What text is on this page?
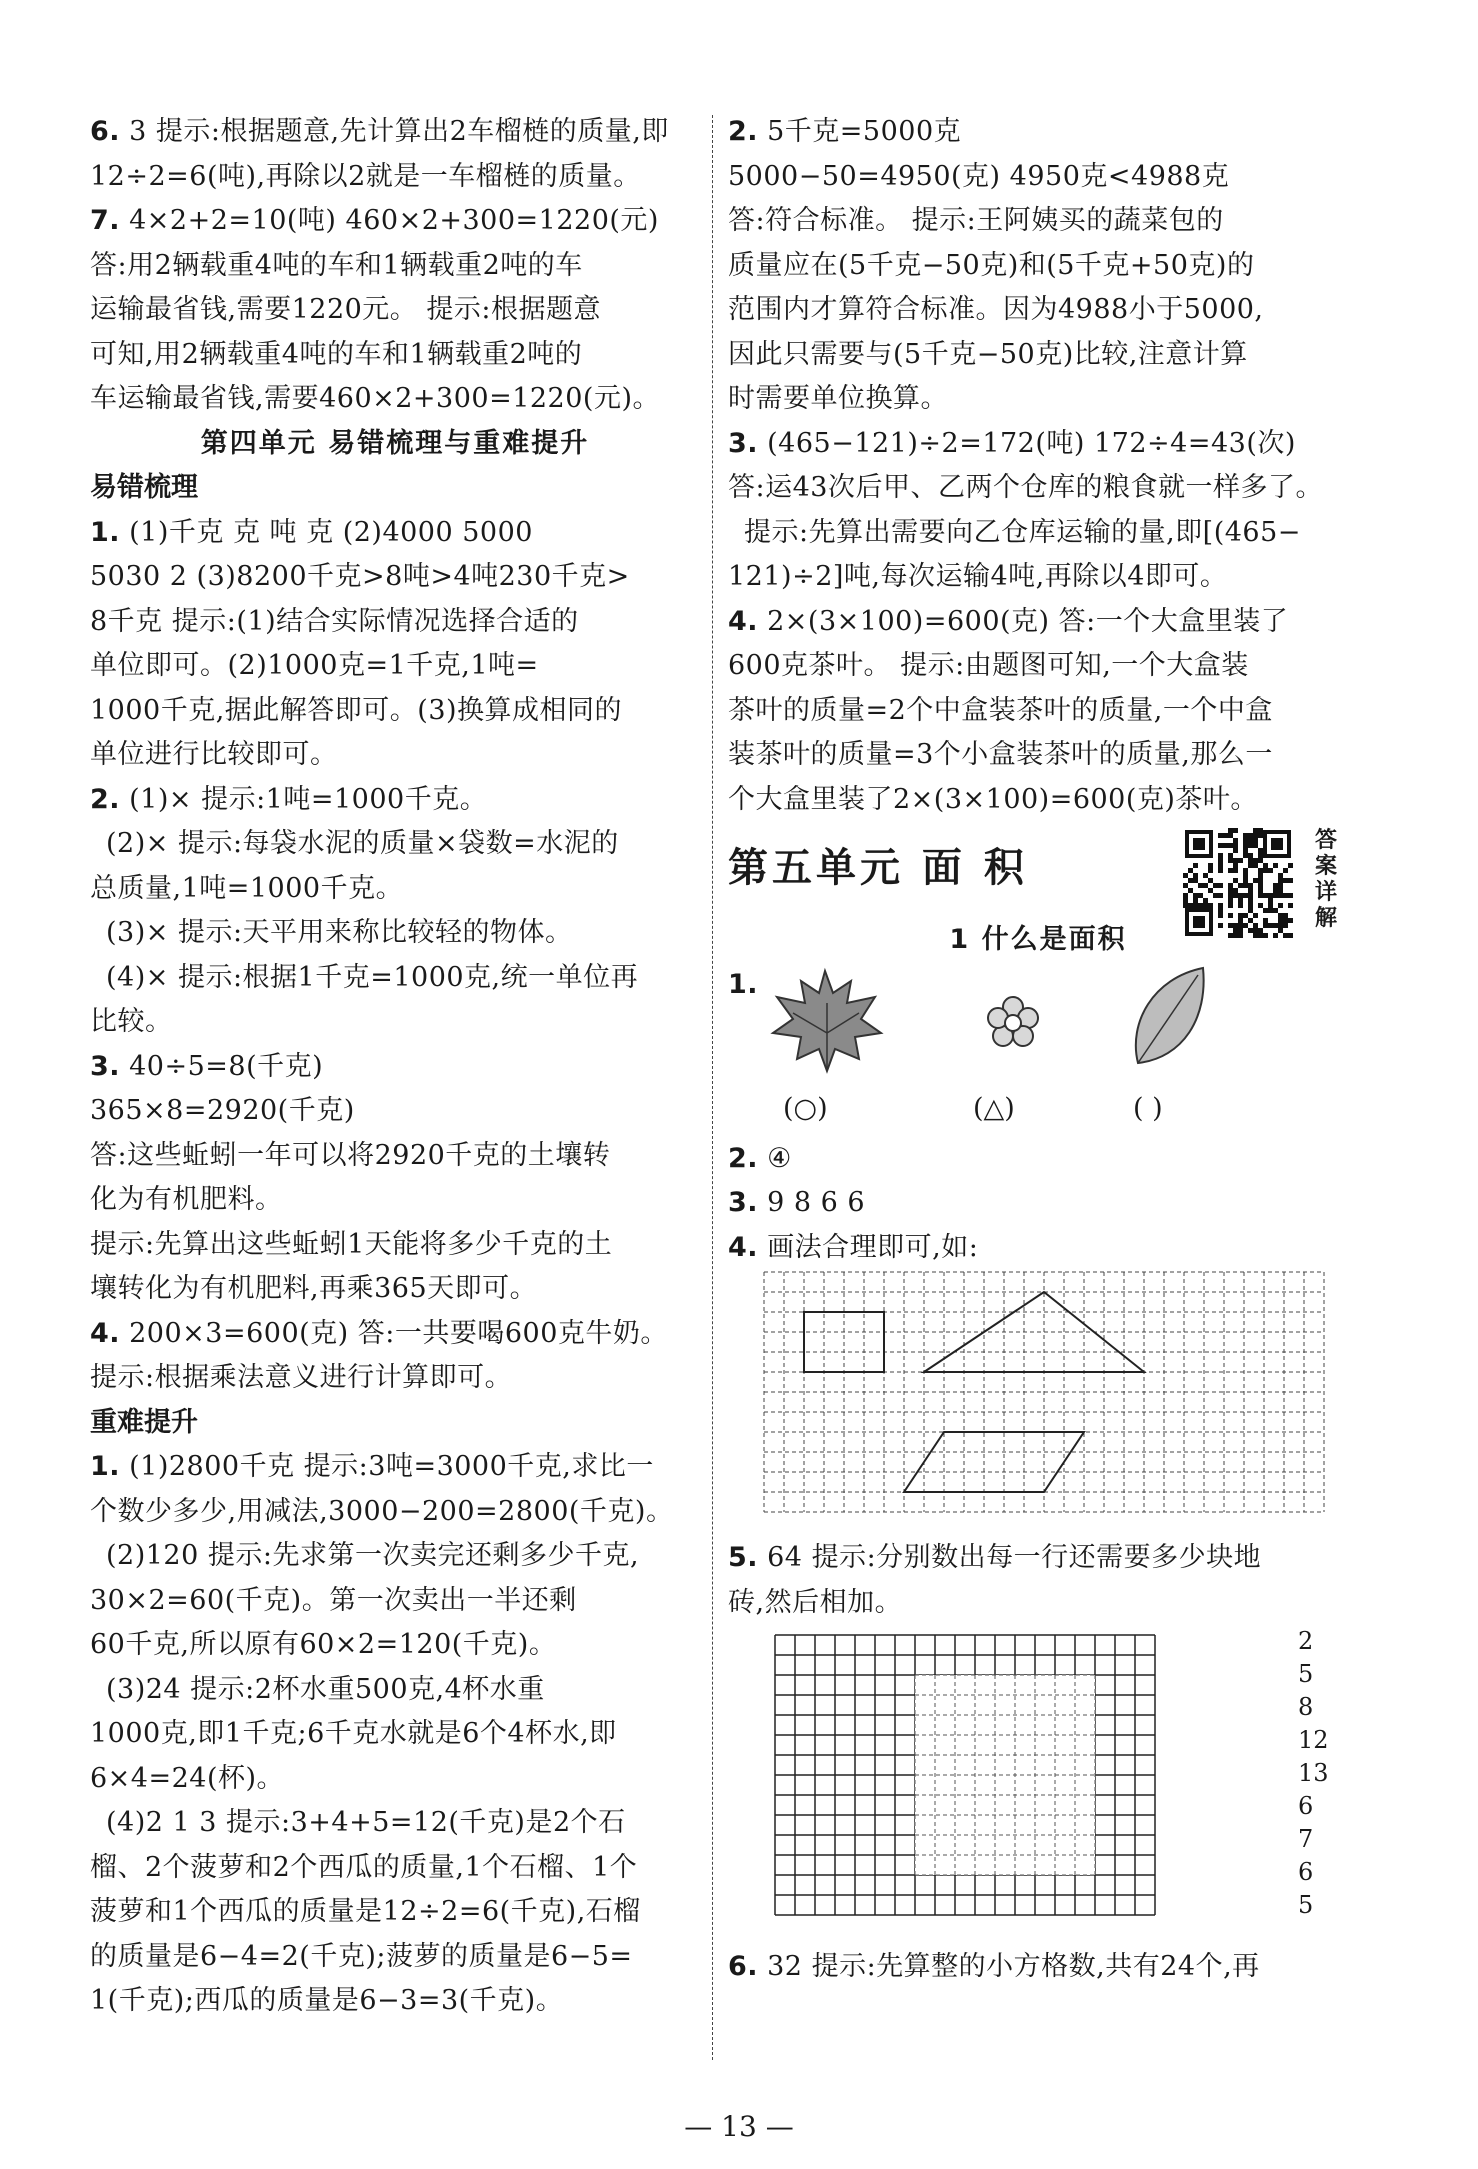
6. 3 提示:根据题意,先计算出2车榴梿的质量,即
12÷2=6(吨),再除以2就是一车榴梿的质量。
7. 4×2+2=10(吨) 460×2+300=1220(元)
答:用2辆载重4吨的车和1辆载重2吨的车
运输最省钱,需要1220元。 提示:根据题意
可知,用2辆载重4吨的车和1辆载重2吨的
车运输最省钱,需要460×2+300=1220(元)。
第四单元 易错梳理与重难提升
易错梳理
1. (1)千克 克 吨 克 (2)4000 5000
5030 2 (3)8200千克>8吨>4吨230千克>
8千克 提示:(1)结合实际情况选择合适的
单位即可。(2)1000克=1千克,1吨=
1000千克,据此解答即可。(3)换算成相同的
单位进行比较即可。
2. (1)× 提示:1吨=1000千克。
(2)× 提示:每袋水泥的质量×袋数=水泥的
总质量,1吨=1000千克。
(3)× 提示:天平用来称比较轻的物体。
(4)× 提示:根据1千克=1000克,统一单位再
比较。
3. 40÷5=8(千克)
365×8=2920(千克)
答:这些蚯蚓一年可以将2920千克的土壤转
化为有机肥料。
提示:先算出这些蚯蚓1天能将多少千克的土
壤转化为有机肥料,再乘365天即可。
4. 200×3=600(克) 答:一共要喝600克牛奶。
提示:根据乘法意义进行计算即可。
重难提升
1. (1)2800千克 提示:3吨=3000千克,求比一
个数少多少,用减法,3000−200=2800(千克)。
(2)120 提示:先求第一次卖完还剩多少千克,
30×2=60(千克)。第一次卖出一半还剩
60千克,所以原有60×2=120(千克)。
(3)24 提示:2杯水重500克,4杯水重
1000克,即1千克;6千克水就是6个4杯水,即
6×4=24(杯)。
(4)2 1 3 提示:3+4+5=12(千克)是2个石
榴、2个菠萝和2个西瓜的质量,1个石榴、1个
菠萝和1个西瓜的质量是12÷2=6(千克),石榴
的质量是6−4=2(千克);菠萝的质量是6−5=
1(千克);西瓜的质量是6−3=3(千克)。
2. 5千克=5000克
5000−50=4950(克) 4950克<4988克
答:符合标准。 提示:王阿姨买的蔬菜包的
质量应在(5千克−50克)和(5千克+50克)的
范围内才算符合标准。因为4988小于5000,
因此只需要与(5千克−50克)比较,注意计算
时需要单位换算。
3. (465−121)÷2=172(吨) 172÷4=43(次)
答:运43次后甲、乙两个仓库的粮食就一样多了。
提示:先算出需要向乙仓库运输的量,即[(465−
121)÷2]吨,每次运输4吨,再除以4即可。
4. 2×(3×100)=600(克) 答:一个大盒里装了
600克茶叶。 提示:由题图可知,一个大盒装
茶叶的质量=2个中盒装茶叶的质量,一个中盒
装茶叶的质量=3个小盒装茶叶的质量,那么一
个大盒里装了2×(3×100)=600(克)茶叶。
第五单元 面 积
答案详解
1 什么是面积
1.
(○)	(△)	( )
2. ④
3. 9 8 6 6
4. 画法合理即可,如:
5. 64 提示:分别数出每一行还需要多少块地
砖,然后相加。
2
5
8
12
13
6
7
6
5
6. 32 提示:先算整的小方格数,共有24个,再
— 13 —
